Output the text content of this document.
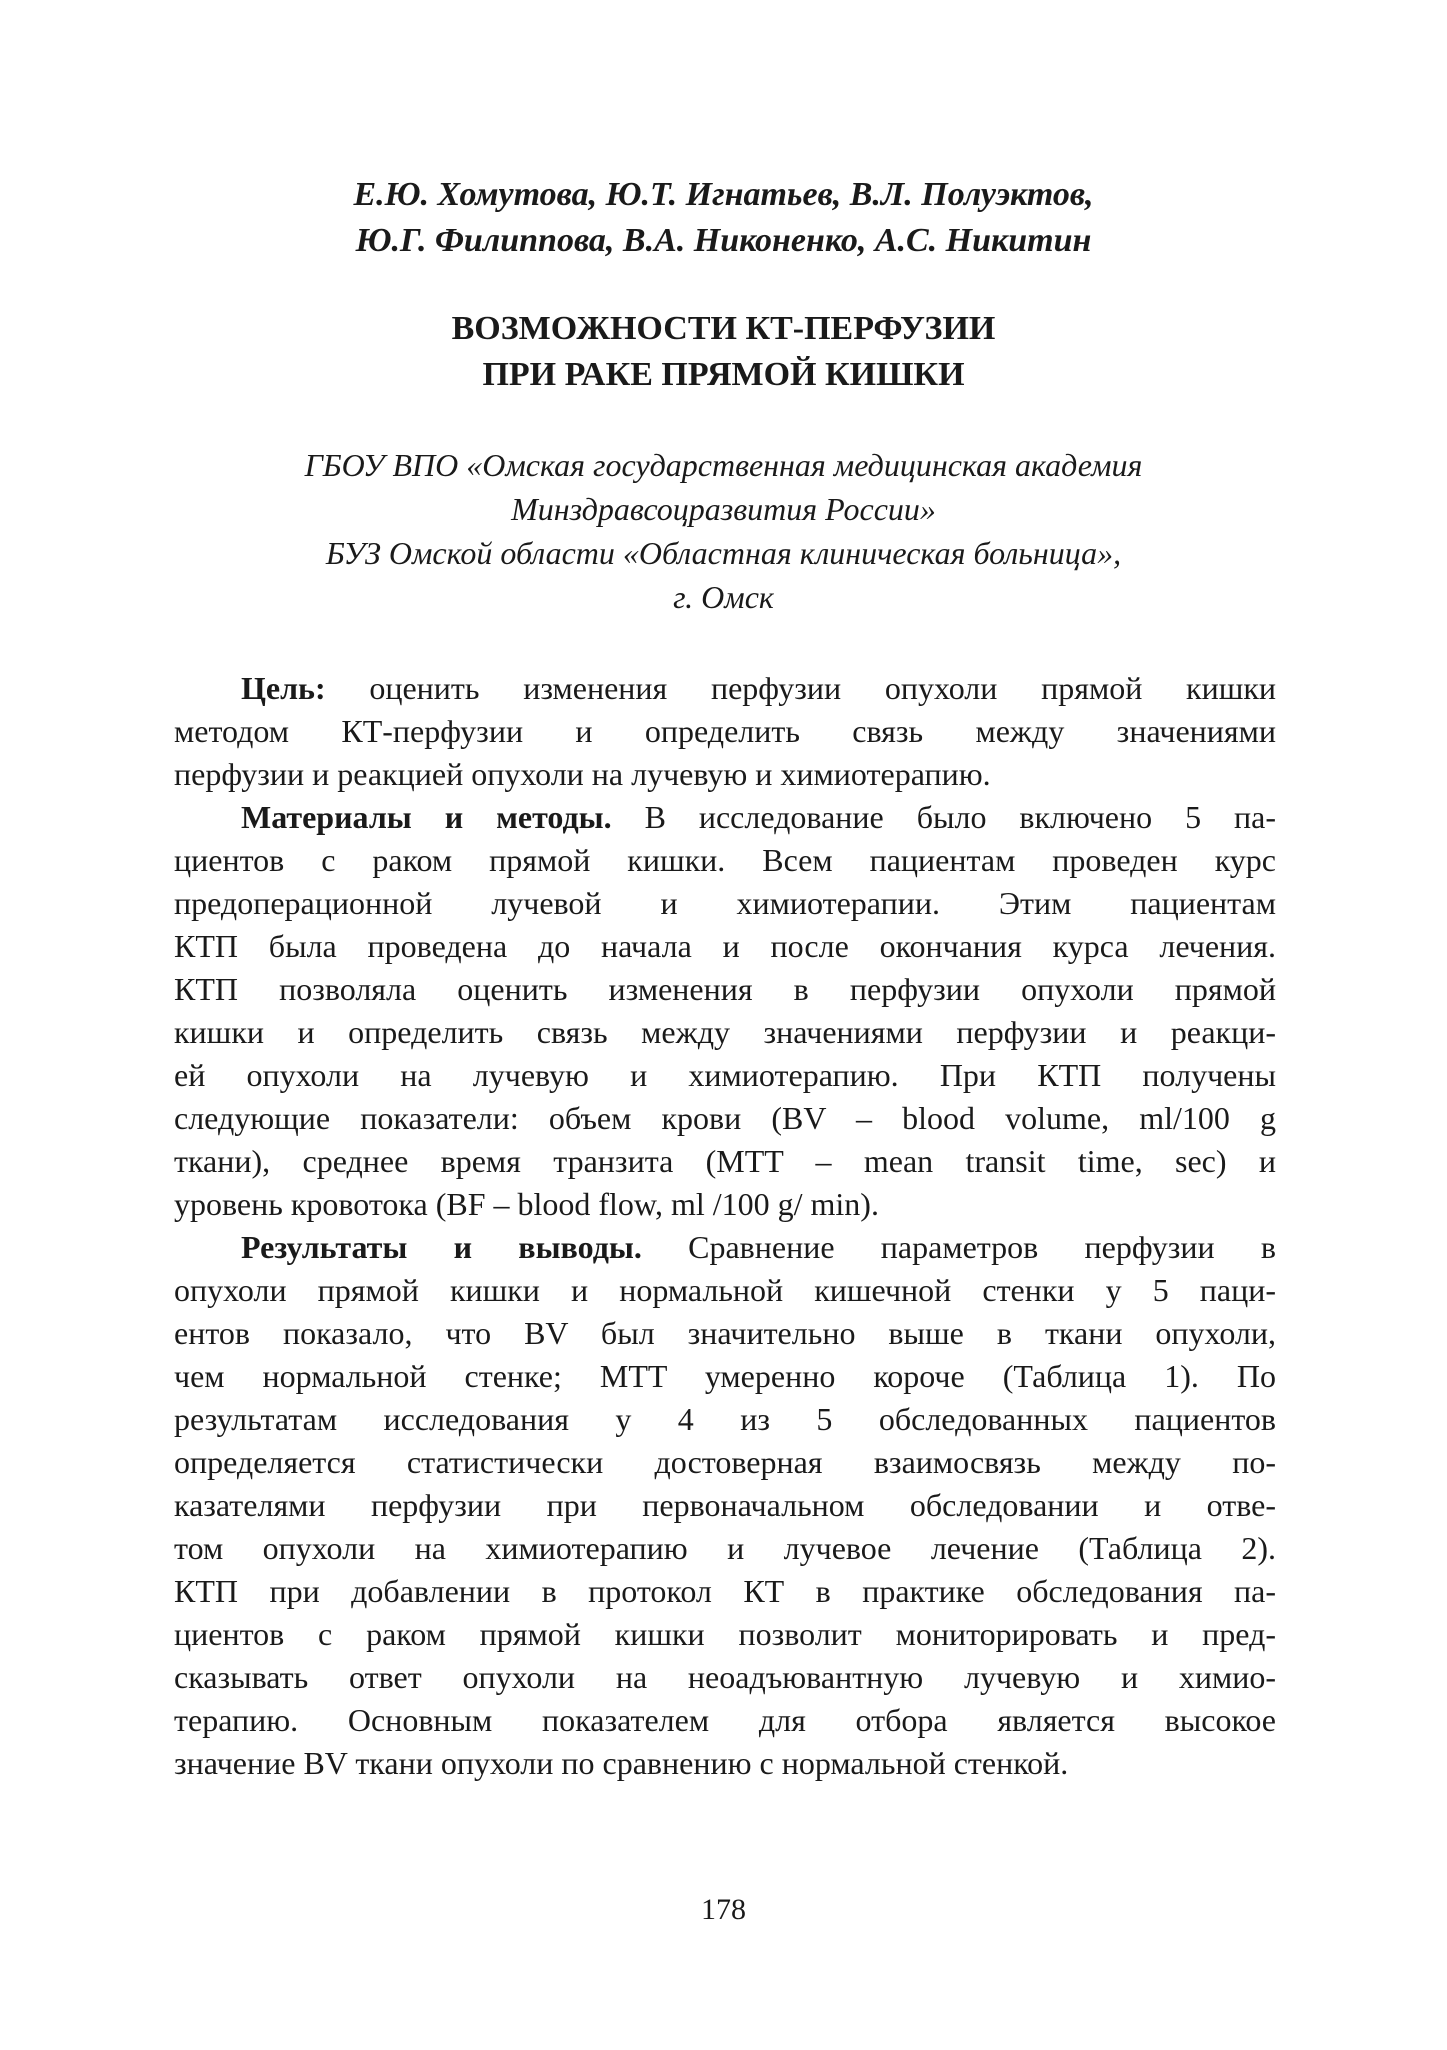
Е.Ю. Хомутова, Ю.Т. Игнатьев, В.Л. Полуэктов,
Ю.Г. Филиппова, В.А. Никоненко, А.С. Никитин
ВОЗМОЖНОСТИ КТ-ПЕРФУЗИИ
ПРИ РАКЕ ПРЯМОЙ КИШКИ
ГБОУ ВПО «Омская государственная медицинская академия
Минздравсоцразвития России»
БУЗ Омской области «Областная клиническая больница»,
г. Омск
Цель: оценить изменения перфузии опухоли прямой кишки
методом КТ-перфузии и определить связь между значениями
перфузии и реакцией опухоли на лучевую и химиотерапию.
Материалы и методы. В исследование было включено 5 па-
циентов с раком прямой кишки. Всем пациентам проведен курс
предоперационной лучевой и химиотерапии. Этим пациентам
КТП была проведена до начала и после окончания курса лечения.
КТП позволяла оценить изменения в перфузии опухоли прямой
кишки и определить связь между значениями перфузии и реакци-
ей опухоли на лучевую и химиотерапию. При КТП получены
следующие показатели: объем крови (BV – blood volume, ml/100 g
ткани), среднее время транзита (MTT – mean transit time, sec) и
уровень кровотока (BF – blood flow, ml /100 g/ min).
Результаты и выводы. Сравнение параметров перфузии в
опухоли прямой кишки и нормальной кишечной стенки у 5 паци-
ентов показало, что BV был значительно выше в ткани опухоли,
чем нормальной стенке; MTT умеренно короче (Таблица 1). По
результатам исследования у 4 из 5 обследованных пациентов
определяется статистически достоверная взаимосвязь между по-
казателями перфузии при первоначальном обследовании и отве-
том опухоли на химиотерапию и лучевое лечение (Таблица 2).
КТП при добавлении в протокол КТ в практике обследования па-
циентов с раком прямой кишки позволит мониторировать и пред-
сказывать ответ опухоли на неоадъювантную лучевую и химио-
терапию. Основным показателем для отбора является высокое
значение BV ткани опухоли по сравнению с нормальной стенкой.
178
